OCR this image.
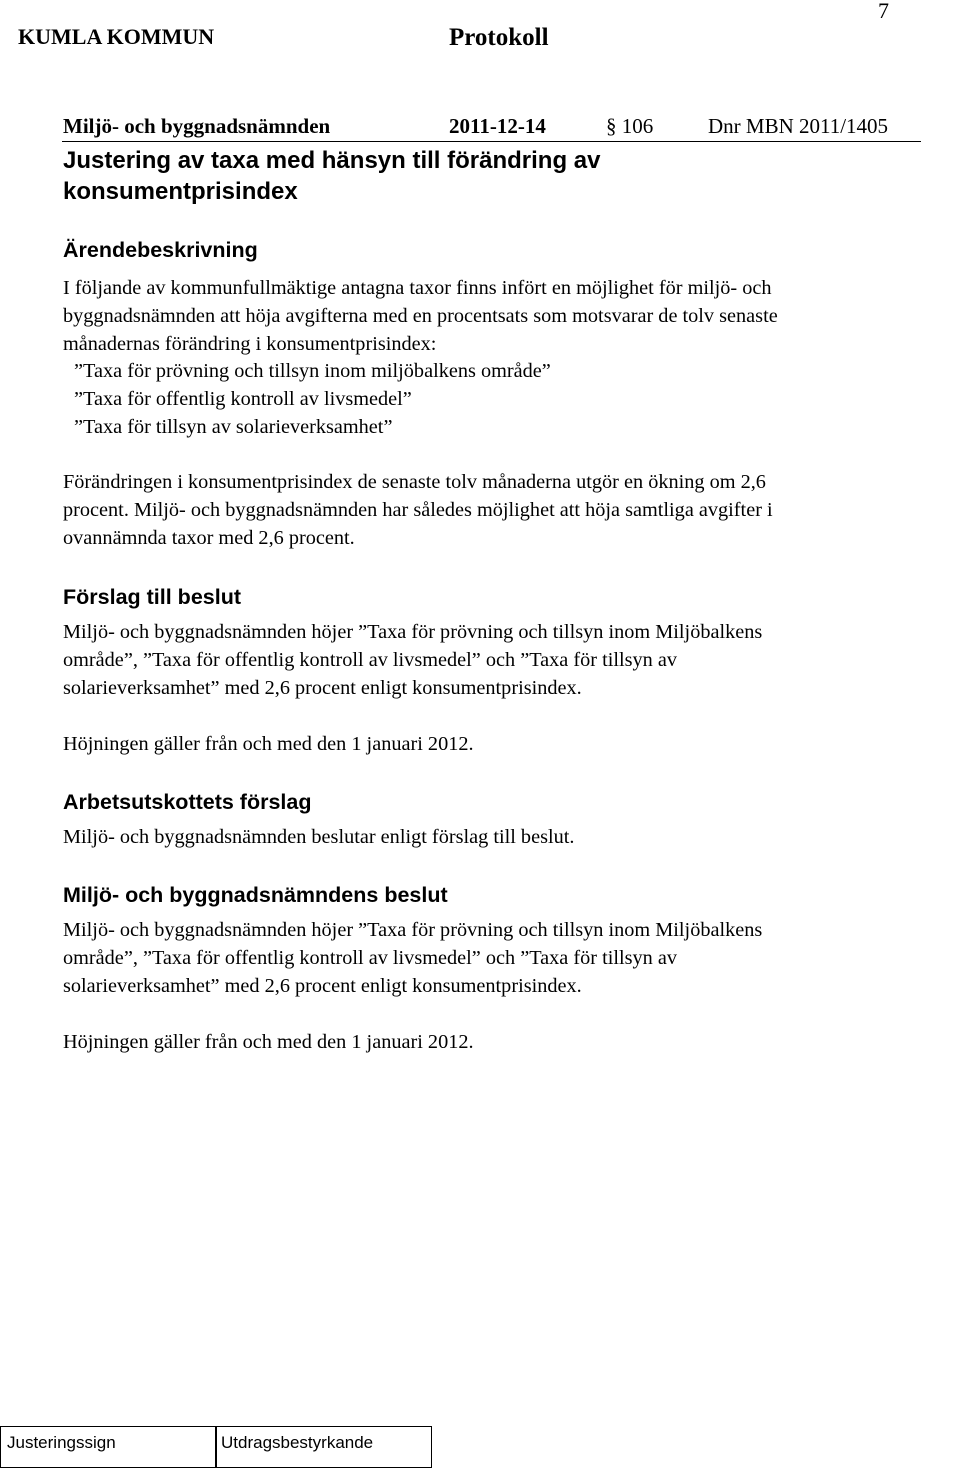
KUMLA KOMMUN	Protokoll
7
Miljö- och byggnadsnämnden	2011-12-14	§ 106	Dnr MBN 2011/1405
Justering av taxa med hänsyn till förändring av
konsumentprisindex
Ärendebeskrivning
I följande av kommunfullmäktige antagna taxor finns infört en möjlighet för miljö- och
byggnadsnämnden att höja avgifterna med en procentsats som motsvarar de tolv senaste
månadernas förändring i konsumentprisindex:
”Taxa för prövning och tillsyn inom miljöbalkens område”
”Taxa för offentlig kontroll av livsmedel”
”Taxa för tillsyn av solarieverksamhet”
Förändringen i konsumentprisindex de senaste tolv månaderna utgör en ökning om 2,6
procent. Miljö- och byggnadsnämnden har således möjlighet att höja samtliga avgifter i
ovannämnda taxor med 2,6 procent.
Förslag till beslut
Miljö- och byggnadsnämnden höjer ”Taxa för prövning och tillsyn inom Miljöbalkens
område”, ”Taxa för offentlig kontroll av livsmedel” och ”Taxa för tillsyn av
solarieverksamhet” med 2,6 procent enligt konsumentprisindex.
Höjningen gäller från och med den 1 januari 2012.
Arbetsutskottets förslag
Miljö- och byggnadsnämnden beslutar enligt förslag till beslut.
Miljö- och byggnadsnämndens beslut
Miljö- och byggnadsnämnden höjer ”Taxa för prövning och tillsyn inom Miljöbalkens
område”, ”Taxa för offentlig kontroll av livsmedel” och ”Taxa för tillsyn av
solarieverksamhet” med 2,6 procent enligt konsumentprisindex.
Höjningen gäller från och med den 1 januari 2012.
Justeringssign	Utdragsbestyrkande
